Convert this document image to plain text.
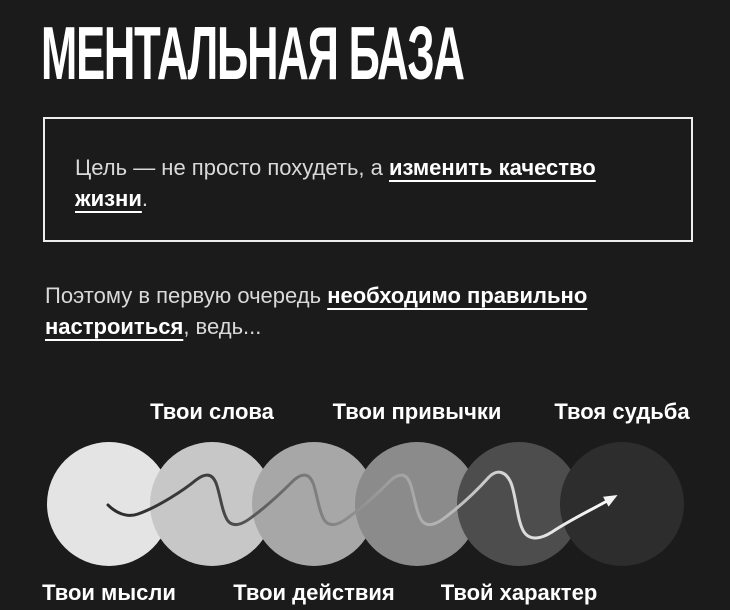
МЕНТАЛЬНАЯ БАЗА
Цель — не просто похудеть, а изменить качество
жизни.
Поэтому в первую очередь необходимо правильно
настроиться, ведь...
Твои слова	Твои привычки Твоя судьба
Твои мысли	Твои действия Твой характер
